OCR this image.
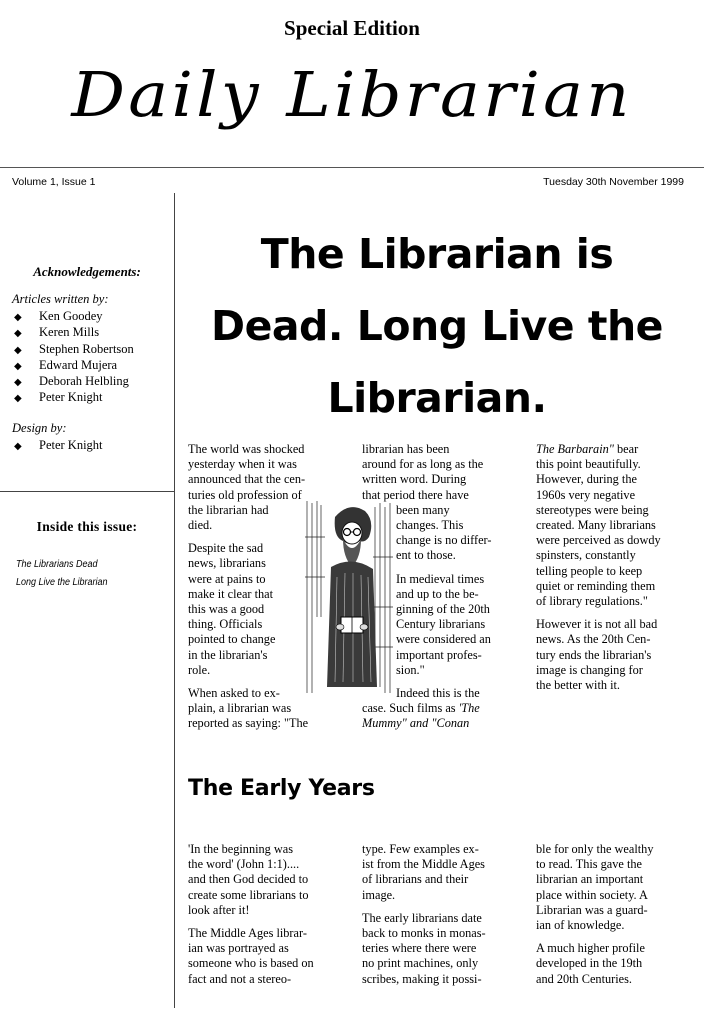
Special Edition
Daily Librarian
Volume 1, Issue 1	Tuesday 30th November 1999
Acknowledgements:
Articles written by:
◆ Ken Goodey
◆ Keren Mills
◆ Stephen Robertson
◆ Edward Mujera
◆ Deborah Helbling
◆ Peter Knight
Design by:
◆ Peter Knight
Inside this issue:
The Librarians Dead
Long Live the Librarian
The Librarian is
Dead. Long Live the
Librarian.

The world was shocked
yesterday when it was
announced that the cen-
turies old profession of
the librarian had
died.

Despite the sad
news, librarians
were at pains to
make it clear that
this was a good
thing. Officials
pointed to change
in the librarian's
role.

When asked to ex-
plain, a librarian was
reported as saying: "The

librarian has been
around for as long as the
written word. During
that period there have
been many
changes. This
change is no differ-
ent to those.

In medieval times
and up to the be-
ginning of the 20th
Century librarians
were considered an
important profes-
sion."

Indeed this is the
case. Such films as 'The
Mummy" and "Conan

The Barbarain" bear
this point beautifully.
However, during the
1960s very negative
stereotypes were being
created. Many librarians
were perceived as dowdy
spinsters, constantly
telling people to keep
quiet or reminding them
of library regulations."

However it is not all bad
news. As the 20th Cen-
tury ends the librarian's
image is changing for
the better with it.

The Early Years

'In the beginning was
the word' (John 1:1)....
and then God decided to
create some librarians to
look after it!

The Middle Ages librar-
ian was portrayed as
someone who is based on
fact and not a stereo-

type. Few examples ex-
ist from the Middle Ages
of librarians and their
image.

The early librarians date
back to monks in monas-
teries where there were
no print machines, only
scribes, making it possi-

ble for only the wealthy
to read. This gave the
librarian an important
place within society. A
Librarian was a guard-
ian of knowledge.

A much higher profile
developed in the 19th
and 20th Centuries.
